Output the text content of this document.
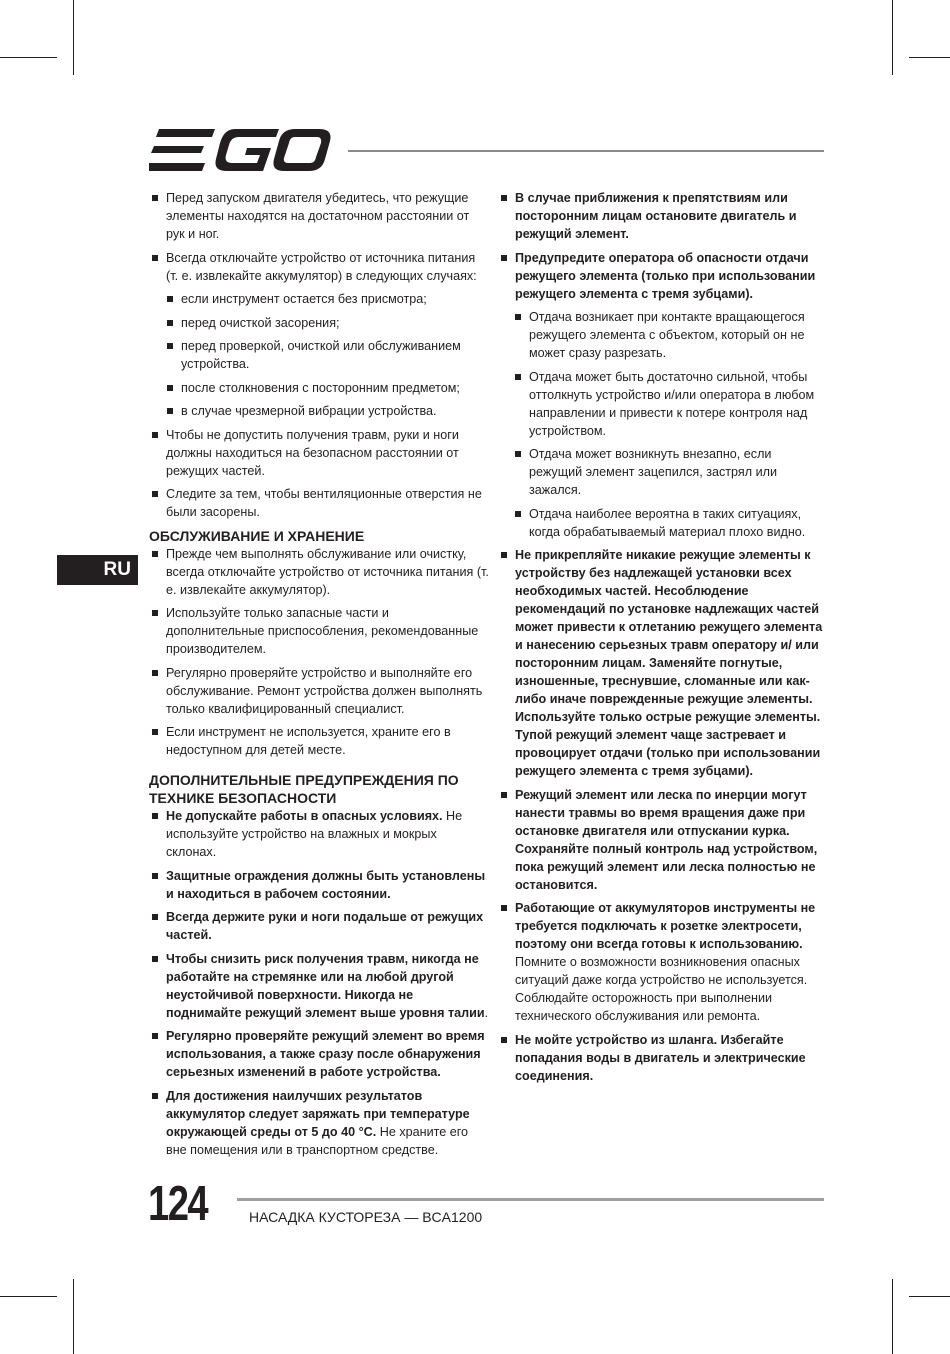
RU
Перед запуском двигателя убедитесь, что режущие элементы находятся на достаточном расстоянии от рук и ног.
Всегда отключайте устройство от источника питания (т. е. извлекайте аккумулятор) в следующих случаях:
если инструмент остается без присмотра;
перед очисткой засорения;
перед проверкой, очисткой или обслуживанием устройства.
после столкновения с посторонним предметом;
в случае чрезмерной вибрации устройства.
Чтобы не допустить получения травм, руки и ноги должны находиться на безопасном расстоянии от режущих частей.
Следите за тем, чтобы вентиляционные отверстия не были засорены.
ОБСЛУЖИВАНИЕ И ХРАНЕНИЕ
Прежде чем выполнять обслуживание или очистку, всегда отключайте устройство от источника питания (т. е. извлекайте аккумулятор).
Используйте только запасные части и дополнительные приспособления, рекомендованные производителем.
Регулярно проверяйте устройство и выполняйте его обслуживание. Ремонт устройства должен выполнять только квалифицированный специалист.
Если инструмент не используется, храните его в недоступном для детей месте.
ДОПОЛНИТЕЛЬНЫЕ ПРЕДУПРЕЖДЕНИЯ ПО ТЕХНИКЕ БЕЗОПАСНОСТИ
Не допускайте работы в опасных условиях. Не используйте устройство на влажных и мокрых склонах.
Защитные ограждения должны быть установлены и находиться в рабочем состоянии.
Всегда держите руки и ноги подальше от режущих частей.
Чтобы снизить риск получения травм, никогда не работайте на стремянке или на любой другой неустойчивой поверхности. Никогда не поднимайте режущий элемент выше уровня талии.
Регулярно проверяйте режущий элемент во время использования, а также сразу после обнаружения серьезных изменений в работе устройства.
Для достижения наилучших результатов аккумулятор следует заряжать при температуре окружающей среды от 5 до 40 °C. Не храните его вне помещения или в транспортном средстве.
В случае приближения к препятствиям или посторонним лицам остановите двигатель и режущий элемент.
Предупредите оператора об опасности отдачи режущего элемента (только при использовании режущего элемента с тремя зубцами).
Отдача возникает при контакте вращающегося режущего элемента с объектом, который он не может сразу разрезать.
Отдача может быть достаточно сильной, чтобы оттолкнуть устройство и/или оператора в любом направлении и привести к потере контроля над устройством.
Отдача может возникнуть внезапно, если режущий элемент зацепился, застрял или зажался.
Отдача наиболее вероятна в таких ситуациях, когда обрабатываемый материал плохо видно.
Не прикрепляйте никакие режущие элементы к устройству без надлежащей установки всех необходимых частей. Несоблюдение рекомендаций по установке надлежащих частей может привести к отлетанию режущего элемента и нанесению серьезных травм оператору и/ или посторонним лицам. Заменяйте погнутые, изношенные, треснувшие, сломанные или как-либо иначе поврежденные режущие элементы. Используйте только острые режущие элементы. Тупой режущий элемент чаще застревает и провоцирует отдачи (только при использовании режущего элемента с тремя зубцами).
Режущий элемент или леска по инерции могут нанести травмы во время вращения даже при остановке двигателя или отпускании курка. Сохраняйте полный контроль над устройством, пока режущий элемент или леска полностью не остановится.
Работающие от аккумуляторов инструменты не требуется подключать к розетке электросети, поэтому они всегда готовы к использованию. Помните о возможности возникновения опасных ситуаций даже когда устройство не используется. Соблюдайте осторожность при выполнении технического обслуживания или ремонта.
Не мойте устройство из шланга. Избегайте попадания воды в двигатель и электрические соединения.
124	НАСАДКА КУСТОРЕЗА — BCA1200
